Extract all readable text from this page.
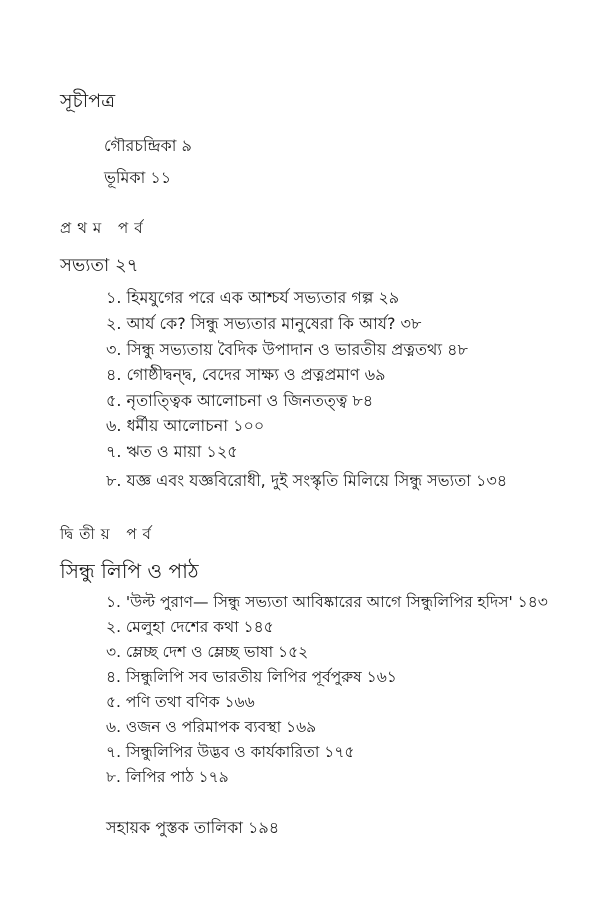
সূচীপত্র
গৌরচন্দ্রিকা ৯
ভূমিকা ১১
প্রথম পর্ব
সভ্যতা ২৭
১. হিমযুগের পরে এক আশ্চর্য সভ্যতার গল্প ২৯
২. আর্য কে? সিন্ধু সভ্যতার মানুষেরা কি আর্য? ৩৮
৩. সিন্ধু সভ্যতায় বৈদিক উপাদান ও ভারতীয় প্রত্নতথ্য ৪৮
৪. গোষ্ঠীদ্বন্দ্ব, বেদের সাক্ষ্য ও প্রত্নপ্রমাণ ৬৯
৫. নৃতাত্ত্বিক আলোচনা ও জিনতত্ত্ব ৮৪
৬. ধর্মীয় আলোচনা ১০০
৭. ঋত ও মায়া ১২৫
৮. যজ্ঞ এবং যজ্ঞবিরোধী, দুই সংস্কৃতি মিলিয়ে সিন্ধু সভ্যতা ১৩৪
দ্বিতীয় পর্ব
সিন্ধু লিপি ও পাঠ
১. 'উল্ট পুরাণ— সিন্ধু সভ্যতা আবিষ্কারের আগে সিন্ধুলিপির হদিস' ১৪৩
২. মেলুহা দেশের কথা ১৪৫
৩. ম্লেচ্ছ দেশ ও ম্লেচ্ছ ভাষা ১৫২
৪. সিন্ধুলিপি সব ভারতীয় লিপির পূর্বপুরুষ ১৬১
৫. পণি তথা বণিক ১৬৬
৬. ওজন ও পরিমাপক ব্যবস্থা ১৬৯
৭. সিন্ধুলিপির উদ্ভব ও কার্যকারিতা ১৭৫
৮. লিপির পাঠ ১৭৯
সহায়ক পুস্তক তালিকা ১৯৪
